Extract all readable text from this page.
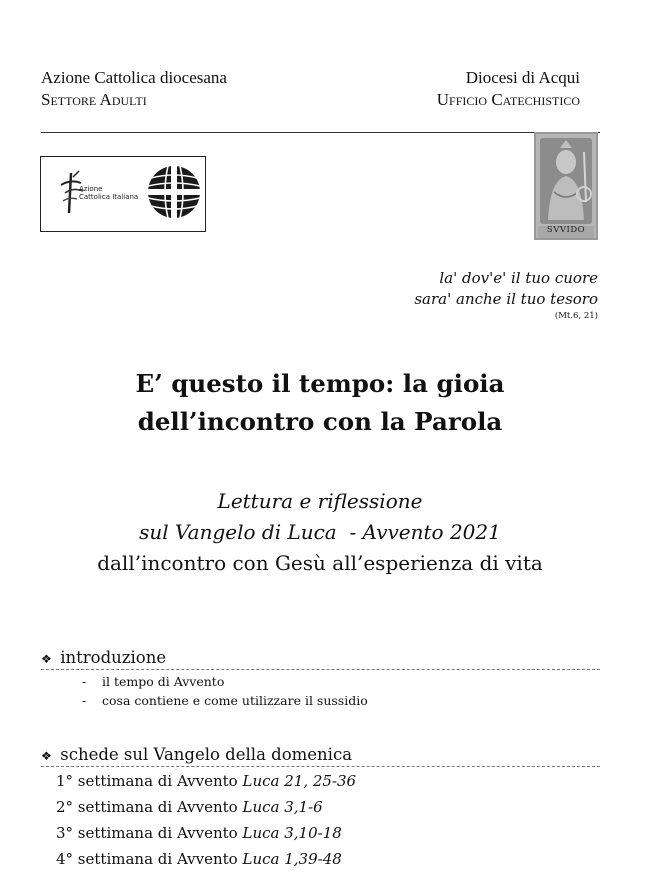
Azione Cattolica diocesana
Settore Adulti
Diocesi di Acqui
Ufficio Catechistico
Azione
Cattolica Italiana
SVVIDO
la' dov'e' il tuo cuore
sara' anche il tuo tesoro
(Mt.6, 21)
E’ questo il tempo: la gioia
dell’incontro con la Parola
Lettura e riflessione
sul Vangelo di Luca  - Avvento 2021
dall’incontro con Gesù all’esperienza di vita
❖ introduzione
- il tempo di Avvento
- cosa contiene e come utilizzare il sussidio
❖ schede sul Vangelo della domenica
1° settimana di Avvento Luca 21, 25-36
2° settimana di Avvento Luca 3,1-6
3° settimana di Avvento Luca 3,10-18
4° settimana di Avvento Luca 1,39-48
